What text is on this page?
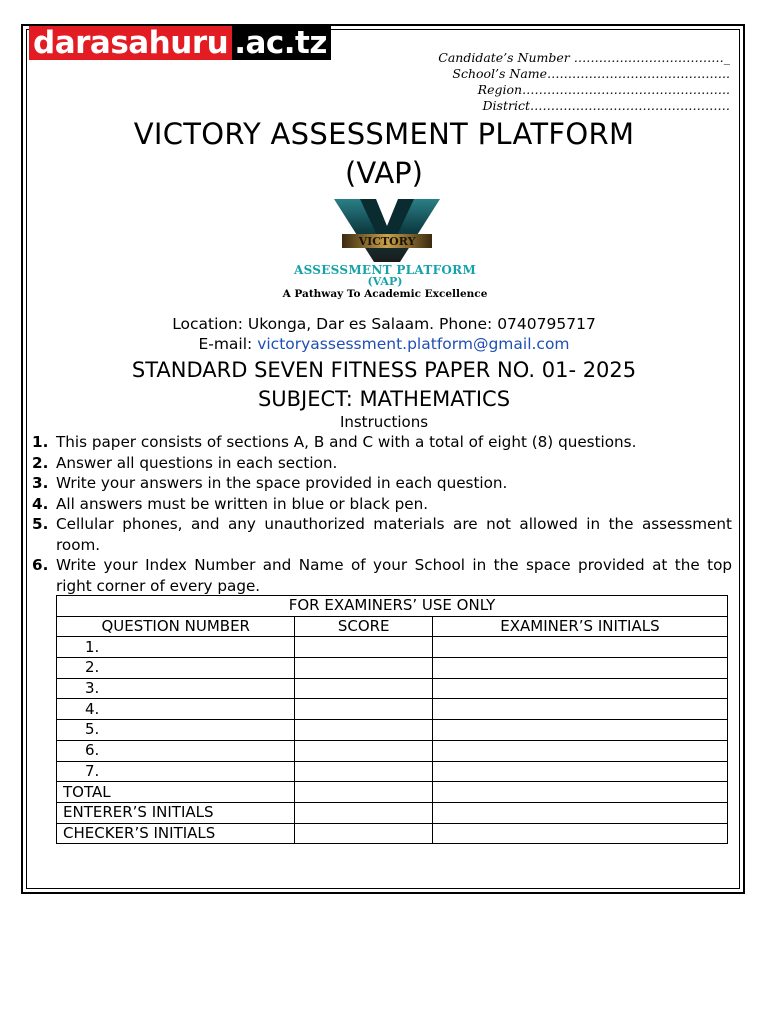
darasahuru .ac.tz	Candidate’s Number ………………………………_
School’s Name……………………………………..
Region…………………………………………..
District…………………………………………
VICTORY ASSESSMENT PLATFORM
(VAP)
VICTORY
ASSESSMENT PLATFORM
(VAP)
A Pathway To Academic Excellence
Location: Ukonga, Dar es Salaam. Phone: 0740795717
E-mail: victoryassessment.platform@gmail.com
STANDARD SEVEN FITNESS PAPER NO. 01- 2025
SUBJECT: MATHEMATICS
Instructions
1. This paper consists of sections A, B and C with a total of eight (8) questions.
2. Answer all questions in each section.
3. Write your answers in the space provided in each question.
4. All answers must be written in blue or black pen.
5. Cellular phones, and any unauthorized materials are not allowed in the assessment room.
6. Write your Index Number and Name of your School in the space provided at the top right corner of every page.
FOR EXAMINERS’ USE ONLY		
QUESTION NUMBER	SCORE	EXAMINER’S INITIALS
1.		
2.		
3.		
4.		
5.		
6.		
7.		
TOTAL		
ENTERER’S INITIALS		
CHECKER’S INITIALS		
